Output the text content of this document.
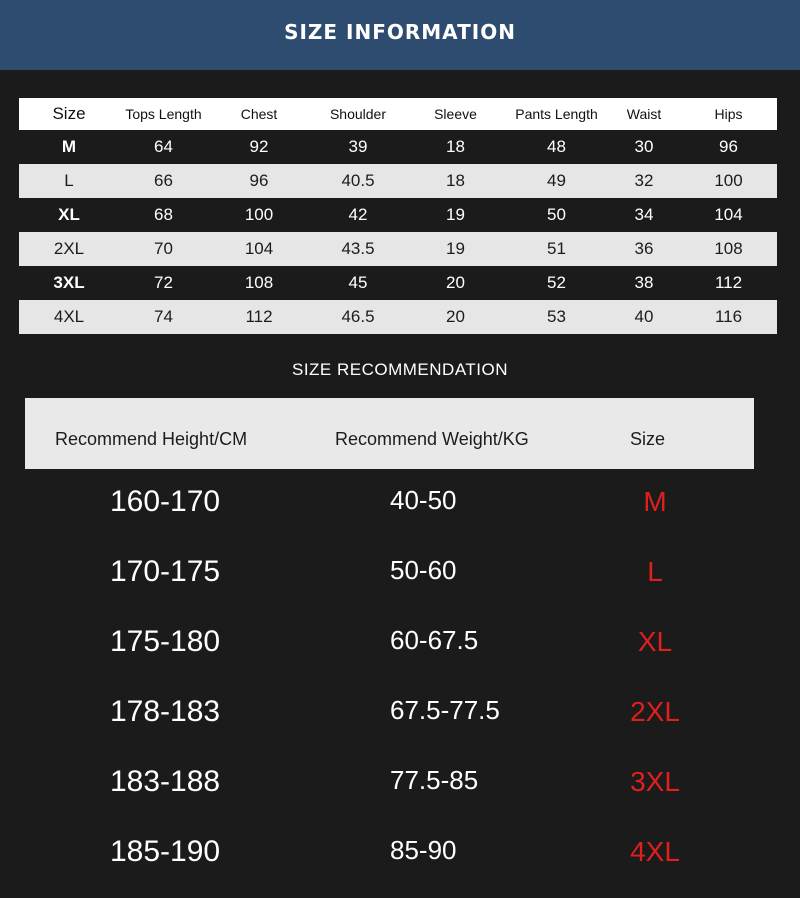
SIZE INFORMATION
Size	Tops Length	Chest	Shoulder	Sleeve	Pants Length	Waist	Hips
M	64	92	39	18	48	30	96
L	66	96	40.5	18	49	32	100
XL	68	100	42	19	50	34	104
2XL	70	104	43.5	19	51	36	108
3XL	72	108	45	20	52	38	112
4XL	74	112	46.5	20	53	40	116
SIZE RECOMMENDATION
Recommend Height/CM	Recommend Weight/KG	Size
160-170	40-50	M
170-175	50-60	L
175-180	60-67.5	XL
178-183	67.5-77.5	2XL
183-188	77.5-85	3XL
185-190	85-90	4XL
